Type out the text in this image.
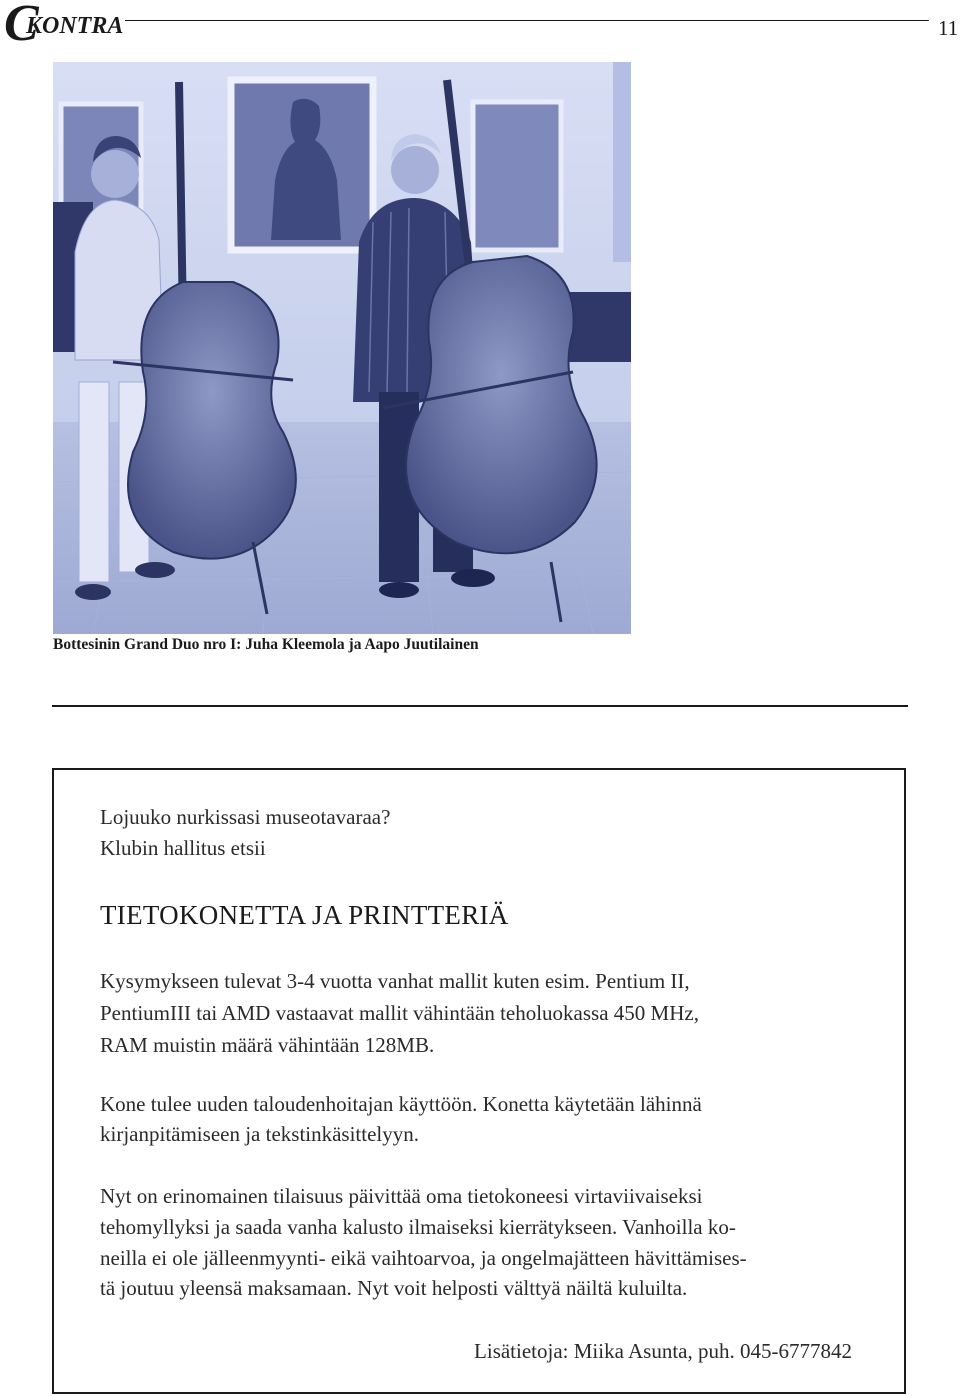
C
KONTRA	11
Bottesinin Grand Duo nro I: Juha Kleemola ja Aapo Juutilainen
Lojuuko nurkissasi museotavaraa?
Klubin hallitus etsii
TIETOKONETTA JA PRINTTERIÄ
Kysymykseen tulevat 3-4 vuotta vanhat mallit kuten esim. Pentium II,
PentiumIII tai AMD vastaavat mallit vähintään teholuokassa 450 MHz,
RAM muistin määrä vähintään 128MB.
Kone tulee uuden taloudenhoitajan käyttöön. Konetta käytetään lähinnä
kirjanpitämiseen ja tekstinkäsittelyyn.
Nyt on erinomainen tilaisuus päivittää oma tietokoneesi virtaviivaiseksi
tehomyllyksi ja saada vanha kalusto ilmaiseksi kierrätykseen. Vanhoilla ko-
neilla ei ole jälleenmyynti- eikä vaihtoarvoa, ja ongelmajätteen hävittämises-
tä joutuu yleensä maksamaan. Nyt voit helposti välttyä näiltä kuluilta.
Lisätietoja: Miika Asunta, puh. 045-6777842
